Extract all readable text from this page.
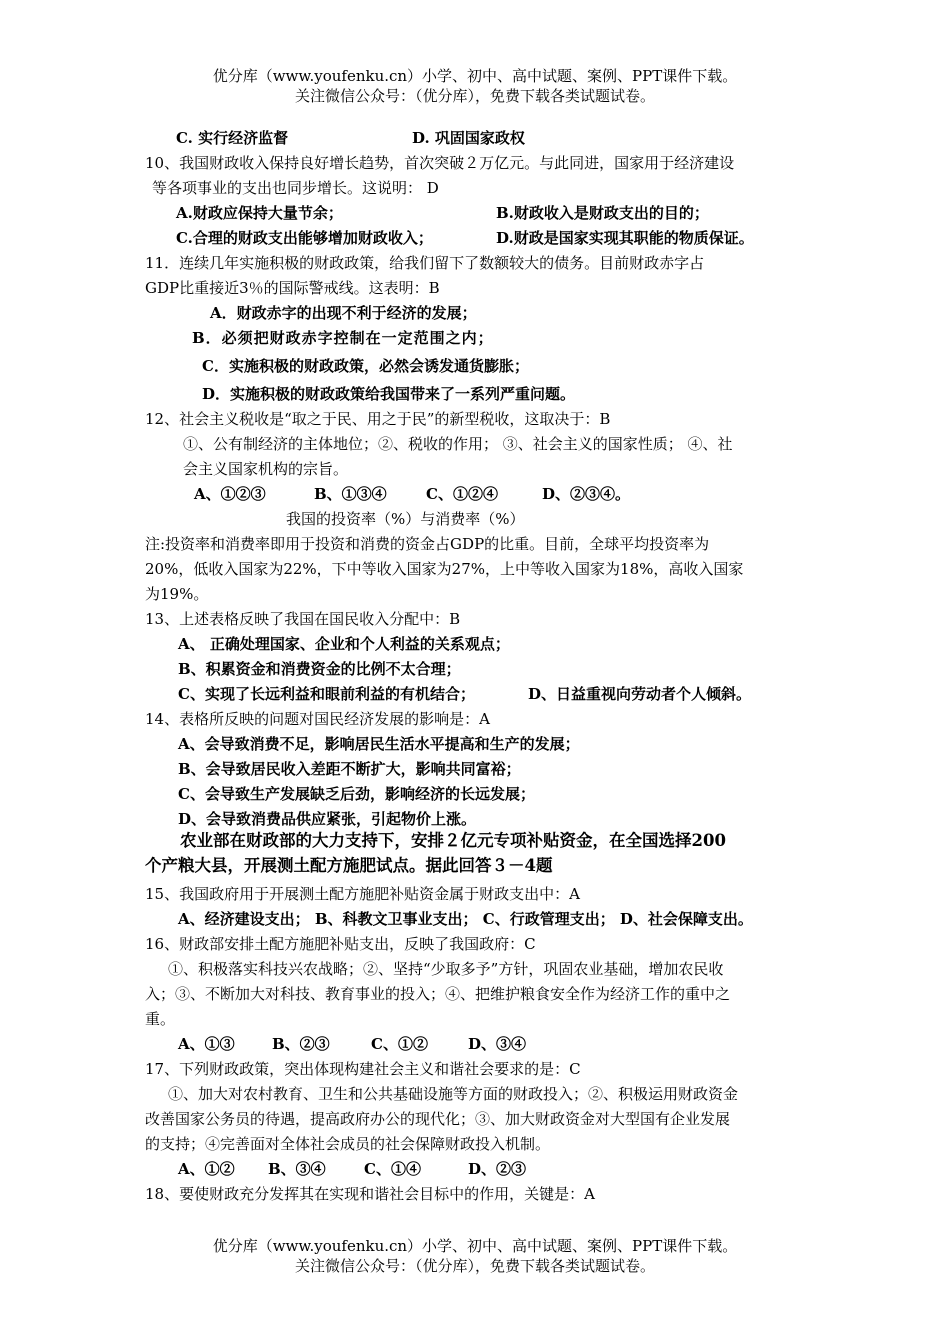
优分库（www.youfenku.cn）小学、初中、高中试题、案例、PPT课件下载。
关注微信公众号：（优分库），免费下载各类试题试卷。
C. 实行经济监督	D. 巩固国家政权
10、我国财政收入保持良好增长趋势，首次突破２万亿元。与此同进，国家用于经济建设
等各项事业的支出也同步增长。这说明： D
A.财政应保持大量节余；	B.财政收入是财政支出的目的；
C.合理的财政支出能够增加财政收入；	D.财政是国家实现其职能的物质保证。
11．连续几年实施积极的财政政策，给我们留下了数额较大的债务。目前财政赤字占
GDP比重接近3％的国际警戒线。这表明：B
A．财政赤字的出现不利于经济的发展；
B．必须把财政赤字控制在一定范围之内；
C．实施积极的财政政策，必然会诱发通货膨胀；
D．实施积极的财政政策给我国带来了一系列严重问题。
12、社会主义税收是“取之于民、用之于民”的新型税收，这取决于：B
①、公有制经济的主体地位；②、税收的作用； ③、社会主义的国家性质； ④、社
会主义国家机构的宗旨。
A、①②③	B、①③④	C、①②④	D、②③④。
我国的投资率（%）与消费率（%）
注:投资率和消费率即用于投资和消费的资金占GDP的比重。目前，全球平均投资率为
20%，低收入国家为22%，下中等收入国家为27%，上中等收入国家为18%，高收入国家
为19%。
13、上述表格反映了我国在国民收入分配中：B
A、 正确处理国家、企业和个人利益的关系观点；
B、积累资金和消费资金的比例不太合理；
C、实现了长远利益和眼前利益的有机结合；	D、日益重视向劳动者个人倾斜。
14、表格所反映的问题对国民经济发展的影响是：A
A、会导致消费不足，影响居民生活水平提高和生产的发展；
B、会导致居民收入差距不断扩大，影响共同富裕；
C、会导致生产发展缺乏后劲，影响经济的长远发展；
D、会导致消费品供应紧张，引起物价上涨。
农业部在财政部的大力支持下，安排２亿元专项补贴资金，在全国选择200
个产粮大县，开展测土配方施肥试点。据此回答３－4题
15、我国政府用于开展测土配方施肥补贴资金属于财政支出中：A
A、经济建设支出； B、科教文卫事业支出； C、行政管理支出； D、社会保障支出。
16、财政部安排土配方施肥补贴支出，反映了我国政府：C
①、积极落实科技兴农战略；②、坚持“少取多予”方针，巩固农业基础，增加农民收
入；③、不断加大对科技、教育事业的投入；④、把维护粮食安全作为经济工作的重中之
重。
A、①③ B、②③	C、①②	D、③④
17、下列财政政策，突出体现构建社会主义和谐社会要求的是：C
①、加大对农村教育、卫生和公共基础设施等方面的财政投入；②、积极运用财政资金
改善国家公务员的待遇，提高政府办公的现代化；③、加大财政资金对大型国有企业发展
的支持；④完善面对全体社会成员的社会保障财政投入机制。
A、①② B、③④	C、①④	D、②③
18、要使财政充分发挥其在实现和谐社会目标中的作用，关键是：A
优分库（www.youfenku.cn）小学、初中、高中试题、案例、PPT课件下载。
关注微信公众号：（优分库），免费下载各类试题试卷。
